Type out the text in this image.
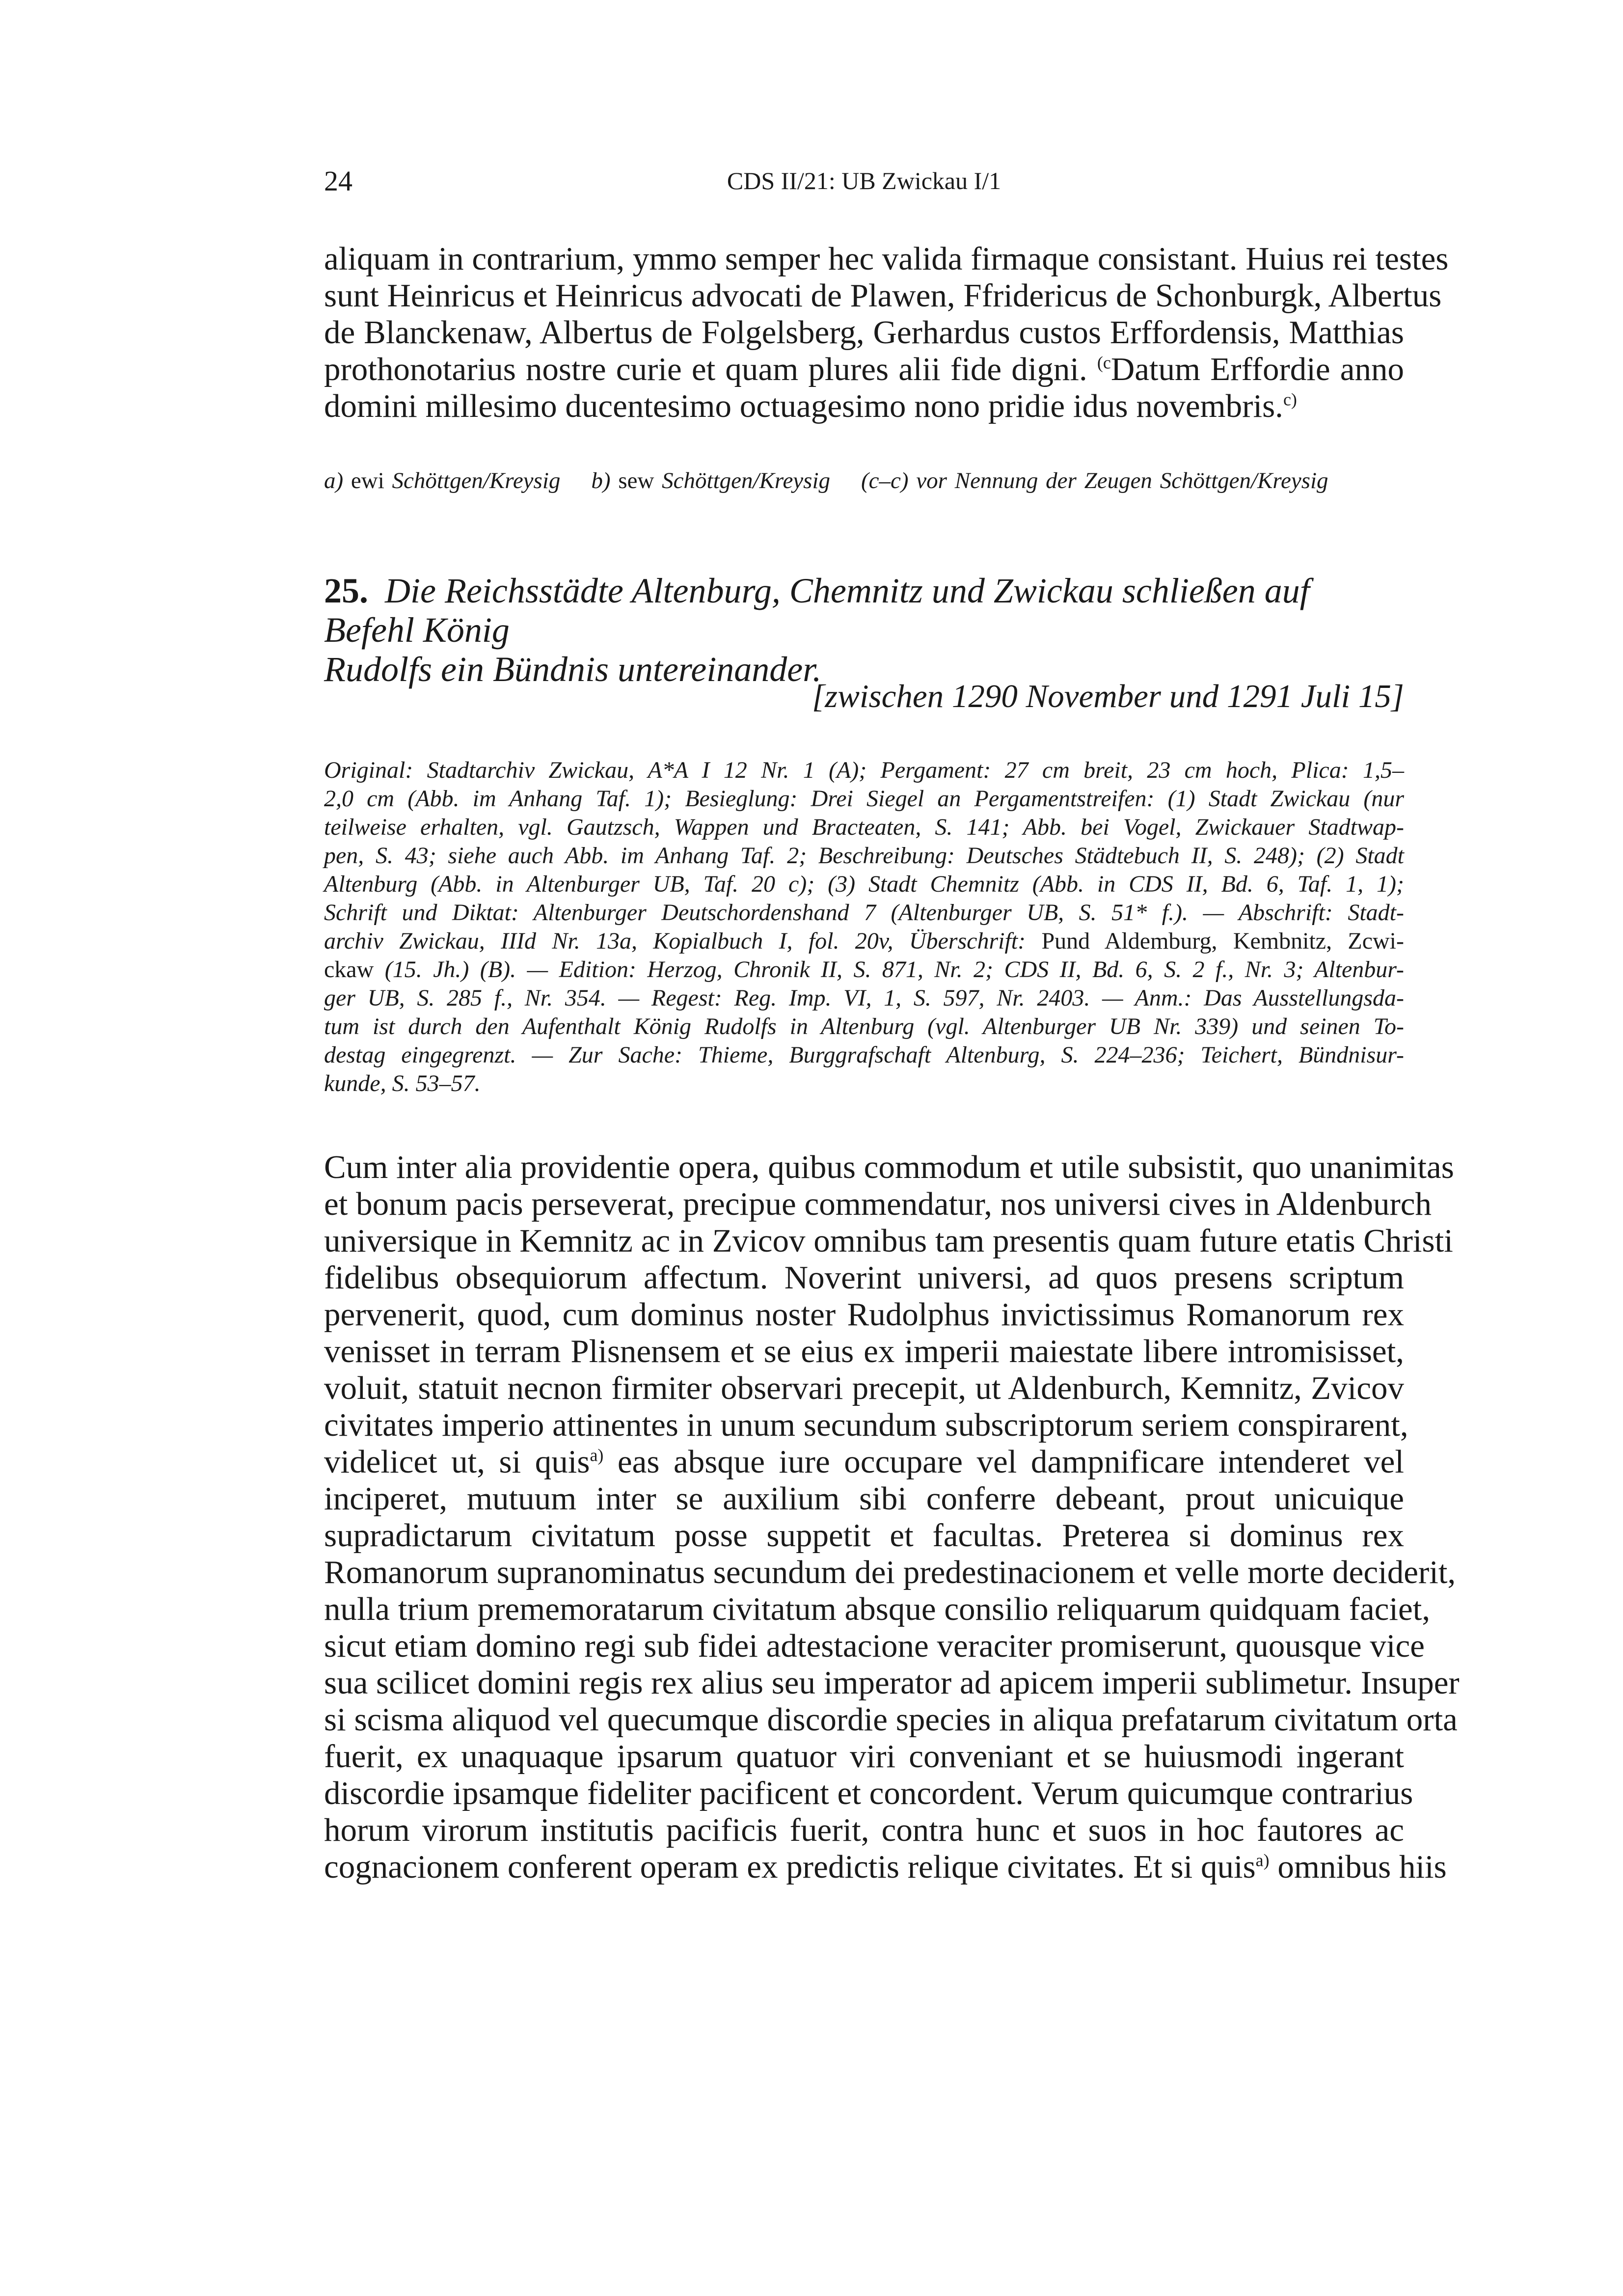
24	CDS II/21: UB Zwickau I/1

aliquam in contrarium, ymmo semper hec valida firmaque consistant. Huius rei testes
sunt Heinricus et Heinricus advocati de Plawen, Ffridericus de Schonburgk, Albertus
de Blanckenaw, Albertus de Folgelsberg, Gerhardus custos Erffordensis, Matthias
prothonotarius nostre curie et quam plures alii fide digni. $^{(c}$Datum Erffordie anno
domini millesimo ducentesimo octuagesimo nono pridie idus novembris.$^{c)}$

a) ewi Schöttgen/Kreysig b) sew Schöttgen/Kreysig (c–c) vor Nennung der Zeugen Schöttgen/Kreysig
25. Die Reichsstädte Altenburg, Chemnitz und Zwickau schließen auf Befehl König
Rudolfs ein Bündnis untereinander.
[zwischen 1290 November und 1291 Juli 15]

Original: Stadtarchiv Zwickau, A*A I 12 Nr. 1 (A); Pergament: 27 cm breit, 23 cm hoch, Plica: 1,5–
2,0 cm (Abb. im Anhang Taf. 1); Besieglung: Drei Siegel an Pergamentstreifen: (1) Stadt Zwickau (nur
teilweise erhalten, vgl. Gautzsch, Wappen und Bracteaten, S. 141; Abb. bei Vogel, Zwickauer Stadtwap-
pen, S. 43; siehe auch Abb. im Anhang Taf. 2; Beschreibung: Deutsches Städtebuch II, S. 248); (2) Stadt
Altenburg (Abb. in Altenburger UB, Taf. 20 c); (3) Stadt Chemnitz (Abb. in CDS II, Bd. 6, Taf. 1, 1);
Schrift und Diktat: Altenburger Deutschordenshand 7 (Altenburger UB, S. 51* f.). — Abschrift: Stadt-
archiv Zwickau, IIId Nr. 13a, Kopialbuch I, fol. 20v, Überschrift: Pund Aldemburg, Kembnitz, Zcwi-
ckaw (15. Jh.) (B). — Edition: Herzog, Chronik II, S. 871, Nr. 2; CDS II, Bd. 6, S. 2 f., Nr. 3; Altenbur-
ger UB, S. 285 f., Nr. 354. — Regest: Reg. Imp. VI, 1, S. 597, Nr. 2403. — Anm.: Das Ausstellungsda-
tum ist durch den Aufenthalt König Rudolfs in Altenburg (vgl. Altenburger UB Nr. 339) und seinen To-
destag eingegrenzt. — Zur Sache: Thieme, Burggrafschaft Altenburg, S. 224–236; Teichert, Bündnisur-
kunde, S. 53–57.

Cum inter alia providentie opera, quibus commodum et utile subsistit, quo unanimitas
et bonum pacis perseverat, precipue commendatur, nos universi cives in Aldenburch
universique in Kemnitz ac in Zvicov omnibus tam presentis quam future etatis Christi
fidelibus obsequiorum affectum. Noverint universi, ad quos presens scriptum
pervenerit, quod, cum dominus noster Rudolphus invictissimus Romanorum rex
venisset in terram Plisnensem et se eius ex imperii maiestate libere intromisisset,
voluit, statuit necnon firmiter observari precepit, ut Aldenburch, Kemnitz, Zvicov
civitates imperio attinentes in unum secundum subscriptorum seriem conspirarent,
videlicet ut, si quis$^{a)}$ eas absque iure occupare vel dampnificare intenderet vel
inciperet, mutuum inter se auxilium sibi conferre debeant, prout unicuique
supradictarum civitatum posse suppetit et facultas. Preterea si dominus rex
Romanorum supranominatus secundum dei predestinacionem et velle morte deciderit,
nulla trium prememoratarum civitatum absque consilio reliquarum quidquam faciet,
sicut etiam domino regi sub fidei adtestacione veraciter promiserunt, quousque vice
sua scilicet domini regis rex alius seu imperator ad apicem imperii sublimetur. Insuper
si scisma aliquod vel quecumque discordie species in aliqua prefatarum civitatum orta
fuerit, ex unaquaque ipsarum quatuor viri conveniant et se huiusmodi ingerant
discordie ipsamque fideliter pacificent et concordent. Verum quicumque contrarius
horum virorum institutis pacificis fuerit, contra hunc et suos in hoc fautores ac
cognacionem conferent operam ex predictis relique civitates. Et si quis$^{a)}$ omnibus hiis
